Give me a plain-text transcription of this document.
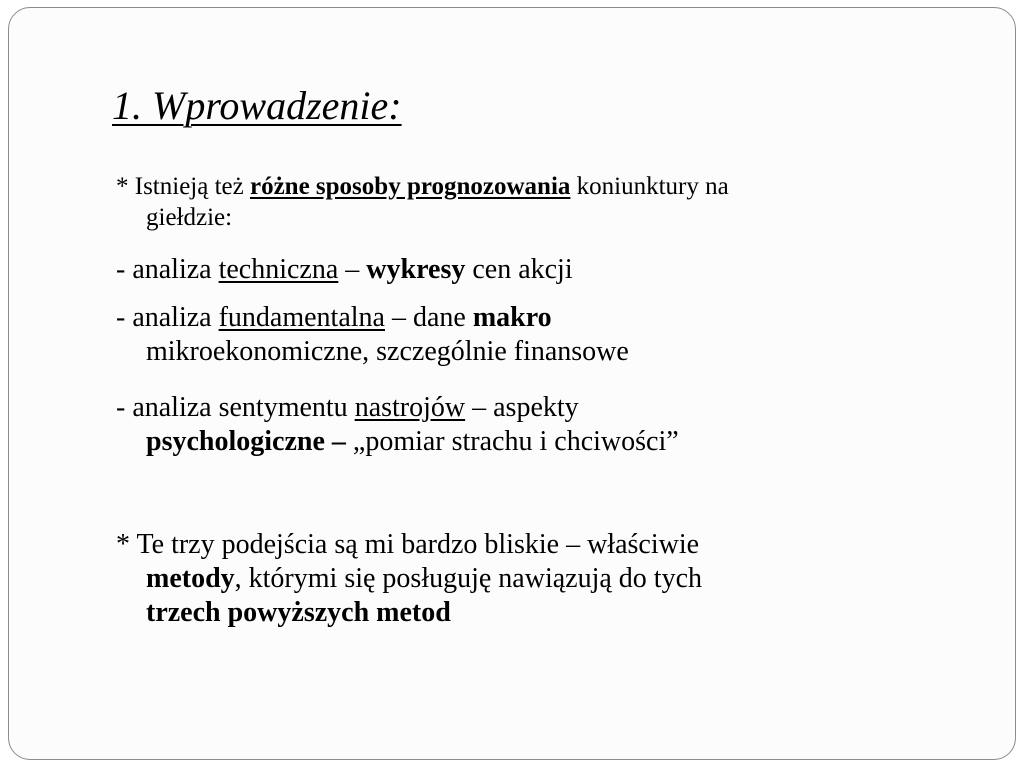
1. Wprowadzenie:

* Istnieją też różne sposoby prognozowania koniunktury na
giełdzie:

- analiza techniczna – wykresy cen akcji

- analiza fundamentalna – dane makro
mikroekonomiczne, szczególnie finansowe

- analiza sentymentu nastrojów – aspekty
psychologiczne – „pomiar strachu i chciwości”

* Te trzy podejścia są mi bardzo bliskie – właściwie
metody, którymi się posługuję nawiązują do tych
trzech powyższych metod
